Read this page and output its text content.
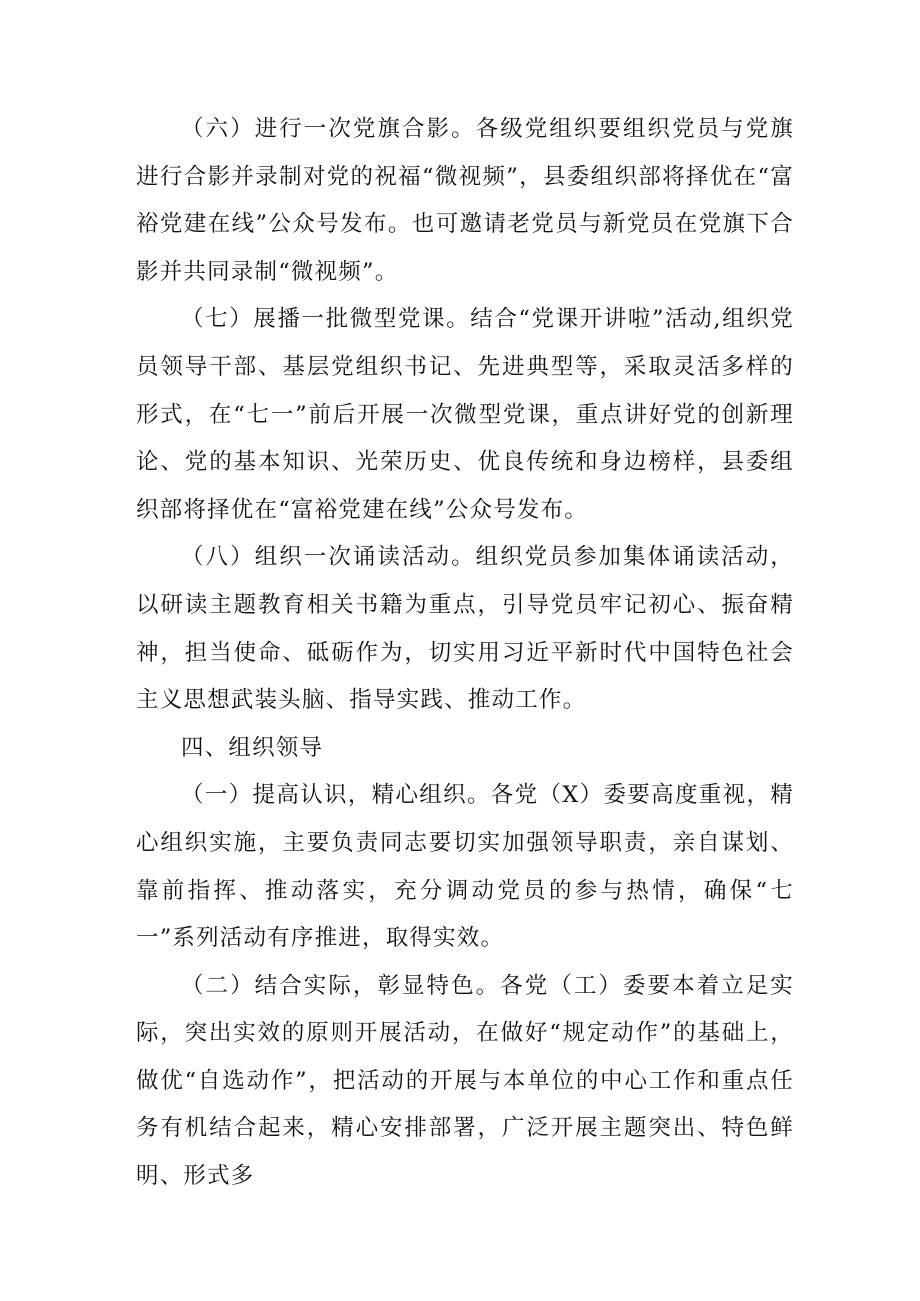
（六）进行一次党旗合影。各级党组织要组织党员与党旗进行合影并录制对党的祝福“微视频”，县委组织部将择优在“富裕党建在线”公众号发布。也可邀请老党员与新党员在党旗下合影并共同录制“微视频”。

（七）展播一批微型党课。结合“党课开讲啦”活动,组织党员领导干部、基层党组织书记、先进典型等，采取灵活多样的形式，在“七一”前后开展一次微型党课，重点讲好党的创新理论、党的基本知识、光荣历史、优良传统和身边榜样，县委组织部将择优在“富裕党建在线”公众号发布。

（八）组织一次诵读活动。组织党员参加集体诵读活动，以研读主题教育相关书籍为重点，引导党员牢记初心、振奋精神，担当使命、砥砺作为，切实用习近平新时代中国特色社会主义思想武装头脑、指导实践、推动工作。

四、组织领导

（一）提高认识，精心组织。各党（X）委要高度重视，精心组织实施，主要负责同志要切实加强领导职责，亲自谋划、靠前指挥、推动落实，充分调动党员的参与热情，确保“七一”系列活动有序推进，取得实效。

（二）结合实际，彰显特色。各党（工）委要本着立足实际，突出实效的原则开展活动，在做好“规定动作”的基础上，做优“自选动作”，把活动的开展与本单位的中心工作和重点任务有机结合起来，精心安排部署，广泛开展主题突出、特色鲜明、形式多
